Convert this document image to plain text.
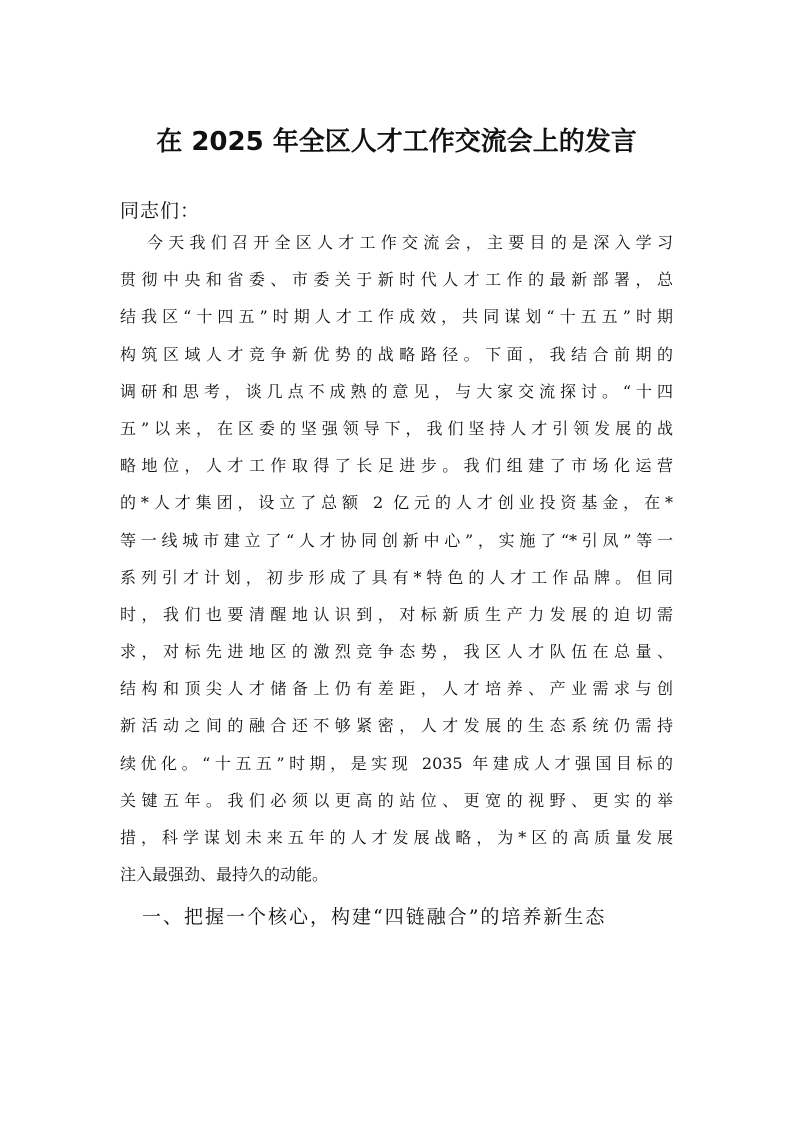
在 2025 年全区人才工作交流会上的发言

同志们：

今天我们召开全区人才工作交流会，主要目的是深入学习
贯彻中央和省委、市委关于新时代人才工作的最新部署，总
结我区“十四五”时期人才工作成效，共同谋划“十五五”时期
构筑区域人才竞争新优势的战略路径。下面，我结合前期的
调研和思考，谈几点不成熟的意见，与大家交流探讨。“十四
五”以来，在区委的坚强领导下，我们坚持人才引领发展的战
略地位，人才工作取得了长足进步。我们组建了市场化运营
的*人才集团，设立了总额 2 亿元的人才创业投资基金，在*
等一线城市建立了“人才协同创新中心”，实施了“*引凤”等一
系列引才计划，初步形成了具有*特色的人才工作品牌。但同
时，我们也要清醒地认识到，对标新质生产力发展的迫切需
求，对标先进地区的激烈竞争态势，我区人才队伍在总量、
结构和顶尖人才储备上仍有差距，人才培养、产业需求与创
新活动之间的融合还不够紧密，人才发展的生态系统仍需持
续优化。“十五五”时期，是实现 2035 年建成人才强国目标的
关键五年。我们必须以更高的站位、更宽的视野、更实的举
措，科学谋划未来五年的人才发展战略，为*区的高质量发展
注入最强劲、最持久的动能。

一、把握一个核心，构建“四链融合”的培养新生态
